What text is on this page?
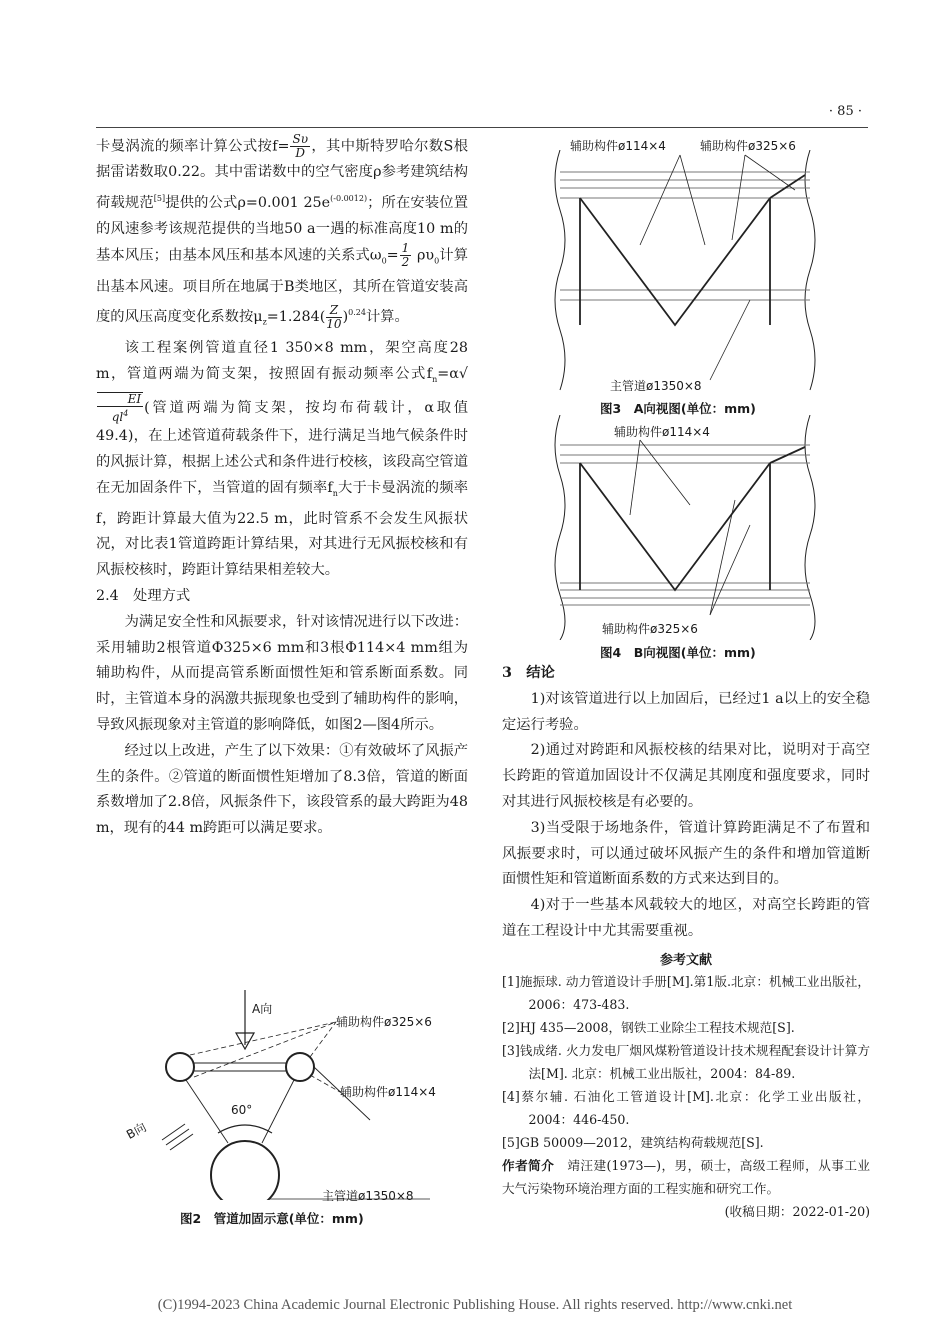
· 85 ·

卡曼涡流的频率计算公式按$f= \frac{S\upsilon}{D}$，其中斯特罗哈尔数S根据雷诺数取0.22。其中雷诺数中的空气密度ρ参考建筑结构荷载规范[5]提供的公式ρ=0.001 $25e^{(-0.0012)}$；所在安装位置的风速参考该规范提供的当地50 a一遇的标准高度10 m的基本风压；由基本风压和基本风速的关系式$\omega_0= \frac{1}{2} \rho\upsilon_0$计算出基本风速。项目所在地属于B类地区，其所在管道安装高度的风压高度变化系数按$\mu_z=1.284( \frac{Z}{10})^{0.24}$计算。

该工程案例管道直径1 350×8 mm，架空高度28 m，管道两端为简支架，按照固有振动频率公式$f_n=\alpha√$
$\frac{EI}{ql^4}$(管道两端为简支架，按均布荷载计，α取值49.4)，在上述管道荷载条件下，进行满足当地气候条件时的风振计算，根据上述公式和条件进行校核，该段高空管道在无加固条件下，当管道的固有频率$f_n$大于卡曼涡流的频率f，跨距计算最大值为22.5 m，此时管系不会发生风振状况，对比表1管道跨距计算结果，对其进行无风振校核和有风振校核时，跨距计算结果相差较大。

2.4　处理方式

为满足安全性和风振要求，针对该情况进行以下改进：采用辅助2根管道Φ325×6 mm和3根Φ114×4 mm组为辅助构件，从而提高管系断面惯性矩和管系断面系数。同时，主管道本身的涡激共振现象也受到了辅助构件的影响，导致风振现象对主管道的影响降低，如图2—图4所示。

经过以上改进，产生了以下效果：①有效破坏了风振产生的条件。②管道的断面惯性矩增加了8.3倍，管道的断面系数增加了2.8倍，风振条件下，该段管系的最大跨距为48 m，现有的44 m跨距可以满足要求。

A向
B向
辅助构件ø325×6
辅助构件ø114×4
60°
主管道ø1350×8
图2　管道加固示意(单位：mm)
辅助构件ø114×4	辅助构件ø325×6
主管道ø1350×8
图3　A向视图(单位：mm)
辅助构件ø114×4
辅助构件ø325×6
图4　B向视图(单位：mm)

3　结论

1)对该管道进行以上加固后，已经过1 a以上的安全稳定运行考验。

2)通过对跨距和风振校核的结果对比，说明对于高空长跨距的管道加固设计不仅满足其刚度和强度要求，同时对其进行风振校核是有必要的。

3)当受限于场地条件，管道计算跨距满足不了布置和风振要求时，可以通过破坏风振产生的条件和增加管道断面惯性矩和管道断面系数的方式来达到目的。

4)对于一些基本风载较大的地区，对高空长跨距的管道在工程设计中尤其需要重视。

参考文献

[1]施振球. 动力管道设计手册[M].第1版.北京：机械工业出版社，2006：473-483.

[2]HJ 435—2008，钢铁工业除尘工程技术规范[S].

[3]钱成绪. 火力发电厂烟风煤粉管道设计技术规程配套设计计算方法[M]. 北京：机械工业出版社，2004：84-89.

[4]蔡尔辅. 石油化工管道设计[M].北京：化学工业出版社，2004：446-450.

[5]GB 50009—2012，建筑结构荷载规范[S].

作者简介　靖汪建(1973—)，男，硕士，高级工程师，从事工业大气污染物环境治理方面的工程实施和研究工作。

(收稿日期：2022-01-20)
(C)1994-2023 China Academic Journal Electronic Publishing House. All rights reserved. http://www.cnki.net
